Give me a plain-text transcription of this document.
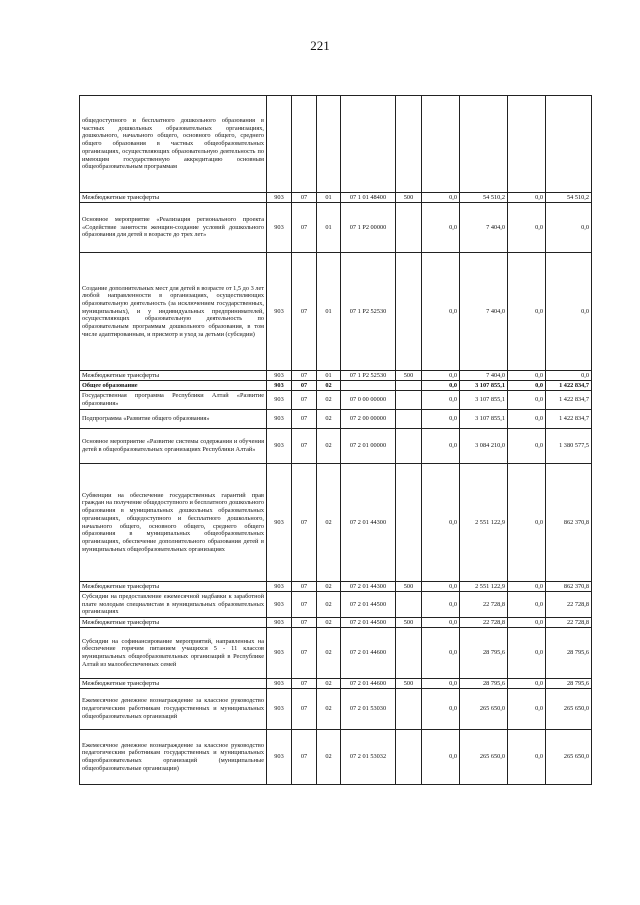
221
общедоступного и бесплатного дошкольного образования в частных дошкольных образовательных организациях, дошкольного, начального общего, основного общего, среднего общего образования в частных общеобразовательных организациях, осуществляющих образовательную деятельность по имеющим государственную аккредитацию основным общеобразовательным программам									
Межбюджетные трансферты	903	07	01	07 1 01 48400	500	0,0	54 510,2	0,0	54 510,2
Основное мероприятие «Реализация регионального проекта «Содействие занятости женщин-создание условий дошкольного образования для детей в возрасте до трех лет»	903	07	01	07 1 P2 00000		0,0	7 404,0	0,0	0,0
Создание дополнительных мест для детей в возрасте от 1,5 до 3 лет любой направленности в организациях, осуществляющих образовательную деятельность (за исключением государственных, муниципальных), и у индивидуальных предпринимателей, осуществляющих образовательную деятельность по образовательным программам дошкольного образования, в том числе адаптированным, и присмотр и уход за детьми (субсидии)	903	07	01	07 1 P2 52530		0,0	7 404,0	0,0	0,0
Межбюджетные трансферты	903	07	01	07 1 P2 52530	500	0,0	7 404,0	0,0	0,0
Общее образование	903	07	02			0,0	3 107 855,1	0,0	1 422 834,7
Государственная программа Республики Алтай «Развитие образования»	903	07	02	07 0 00 00000		0,0	3 107 855,1	0,0	1 422 834,7
Подпрограмма «Развитие общего образования»	903	07	02	07 2 00 00000		0,0	3 107 855,1	0,0	1 422 834,7
Основное мероприятие «Развитие системы содержания и обучения детей в общеобразовательных организациях Республики Алтай»	903	07	02	07 2 01 00000		0,0	3 084 210,0	0,0	1 380 577,5
Субвенции на обеспечение государственных гарантий прав граждан на получение общедоступного и бесплатного дошкольного образования в муниципальных дошкольных образовательных организациях, общедоступного и бесплатного дошкольного, начального общего, основного общего, среднего общего образования в муниципальных общеобразовательных организациях, обеспечение дополнительного образования детей в муниципальных общеобразовательных организациях	903	07	02	07 2 01 44300		0,0	2 551 122,9	0,0	862 370,8
Межбюджетные трансферты	903	07	02	07 2 01 44300	500	0,0	2 551 122,9	0,0	862 370,8
Субсидии на предоставление ежемесячной надбавки к заработной плате молодым специалистам в муниципальных образовательных организациях	903	07	02	07 2 01 44500		0,0	22 728,8	0,0	22 728,8
Межбюджетные трансферты	903	07	02	07 2 01 44500	500	0,0	22 728,8	0,0	22 728,8
Субсидии на софинансирование мероприятий, направленных на обеспечение горячим питанием учащихся 5 - 11 классов муниципальных общеобразовательных организаций в Республике Алтай из малообеспеченных семей	903	07	02	07 2 01 44600		0,0	28 795,6	0,0	28 795,6
Межбюджетные трансферты	903	07	02	07 2 01 44600	500	0,0	28 795,6	0,0	28 795,6
Ежемесячное денежное вознаграждение за классное руководство педагогическим работникам государственных и муниципальных общеобразовательных организаций	903	07	02	07 2 01 53030		0,0	265 650,0	0,0	265 650,0
Ежемесячное денежное вознаграждение за классное руководство педагогическим работникам государственных и муниципальных общеобразовательных организаций (муниципальные общеобразовательные организации)	903	07	02	07 2 01 53032		0,0	265 650,0	0,0	265 650,0
